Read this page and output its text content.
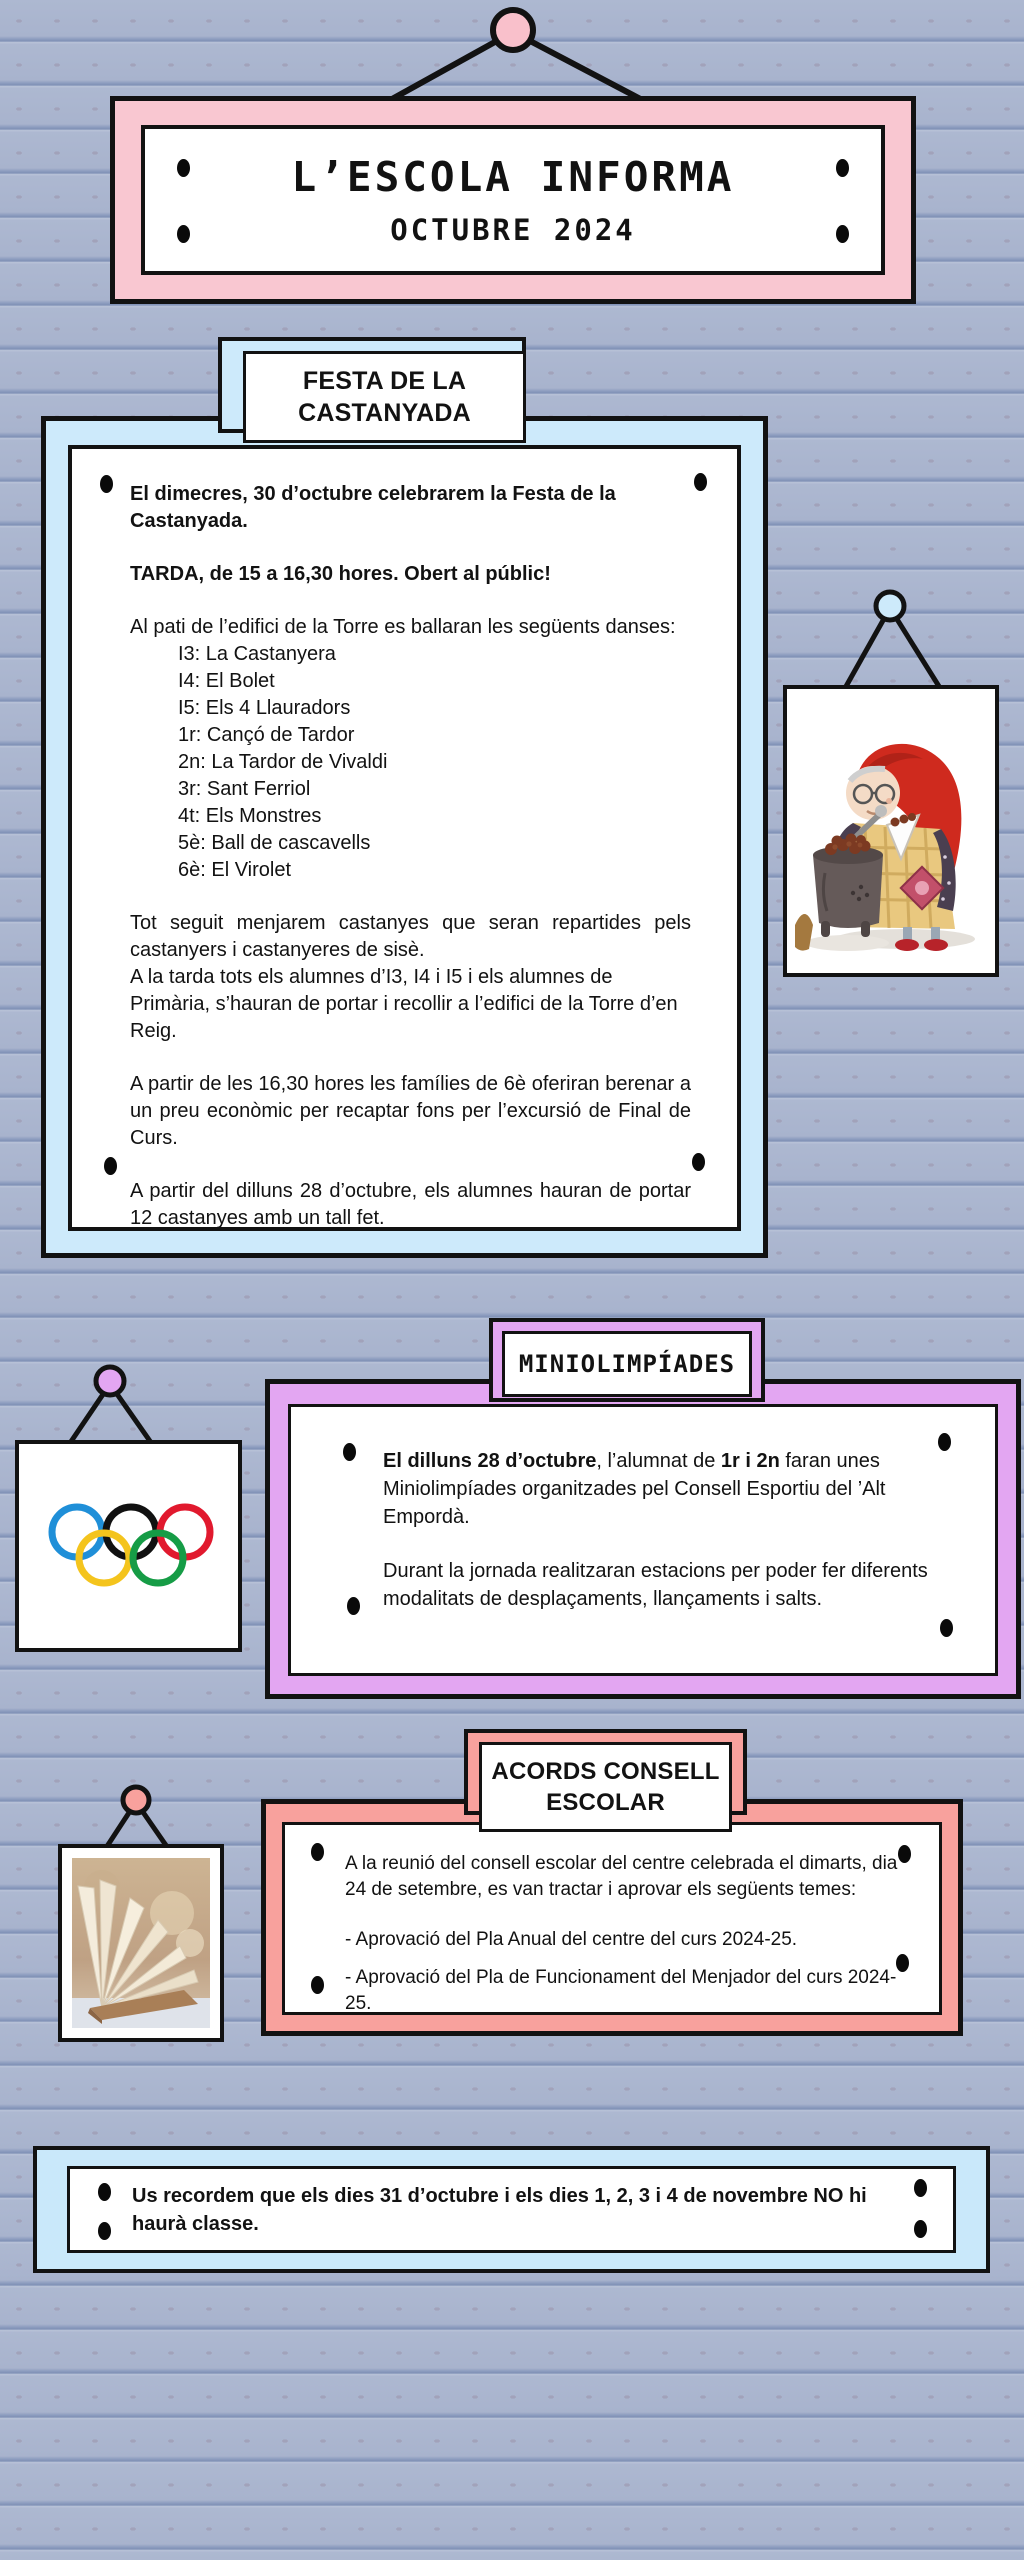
L’ESCOLA INFORMA
OCTUBRE 2024
FESTA DE LA
CASTANYADA

El dimecres, 30 d’octubre celebrarem la Festa de la Castanyada.

TARDA, de 15 a 16,30 hores. Obert al públic!

Al pati de l’edifici de la Torre es ballaran les següents danses:

I3: La Castanyera
I4: El Bolet
I5: Els 4 Llauradors
1r: Cançó de Tardor
2n: La Tardor de Vivaldi
3r: Sant Ferriol
4t: Els Monstres
5è: Ball de cascavells
6è: El Virolet
Tot seguit menjarem castanyes que seran repartides pels castanyers i castanyeres de sisè.
A la tarda tots els alumnes d’I3, I4 i I5 i els alumnes de Primària, s’hauran de portar i recollir a l’edifici de la Torre d’en Reig.

A partir de les 16,30 hores les famílies de 6è oferiran berenar a un preu econòmic per recaptar fons per l’excursió de Final de Curs.

A partir del dilluns 28 d’octubre, els alumnes hauran de portar 12 castanyes amb un tall fet.

MINIOLIMPÍADES

El dilluns 28 d’octubre, l’alumnat de 1r i 2n faran unes Miniolimpíades organitzades pel Consell Esportiu del ’Alt Empordà.

Durant la jornada realitzaran estacions per poder fer diferents modalitats de desplaçaments, llançaments i salts.

ACORDS CONSELL
ESCOLAR

A la reunió del consell escolar del centre celebrada el dimarts, dia 24 de setembre, es van tractar i aprovar els següents temes:

- Aprovació del Pla Anual del centre del curs 2024-25.
- Aprovació del Pla de Funcionament del Menjador del curs 2024-25.
Us recordem que els dies 31 d’octubre i els dies 1, 2, 3 i 4 de novembre NO hi haurà classe.
